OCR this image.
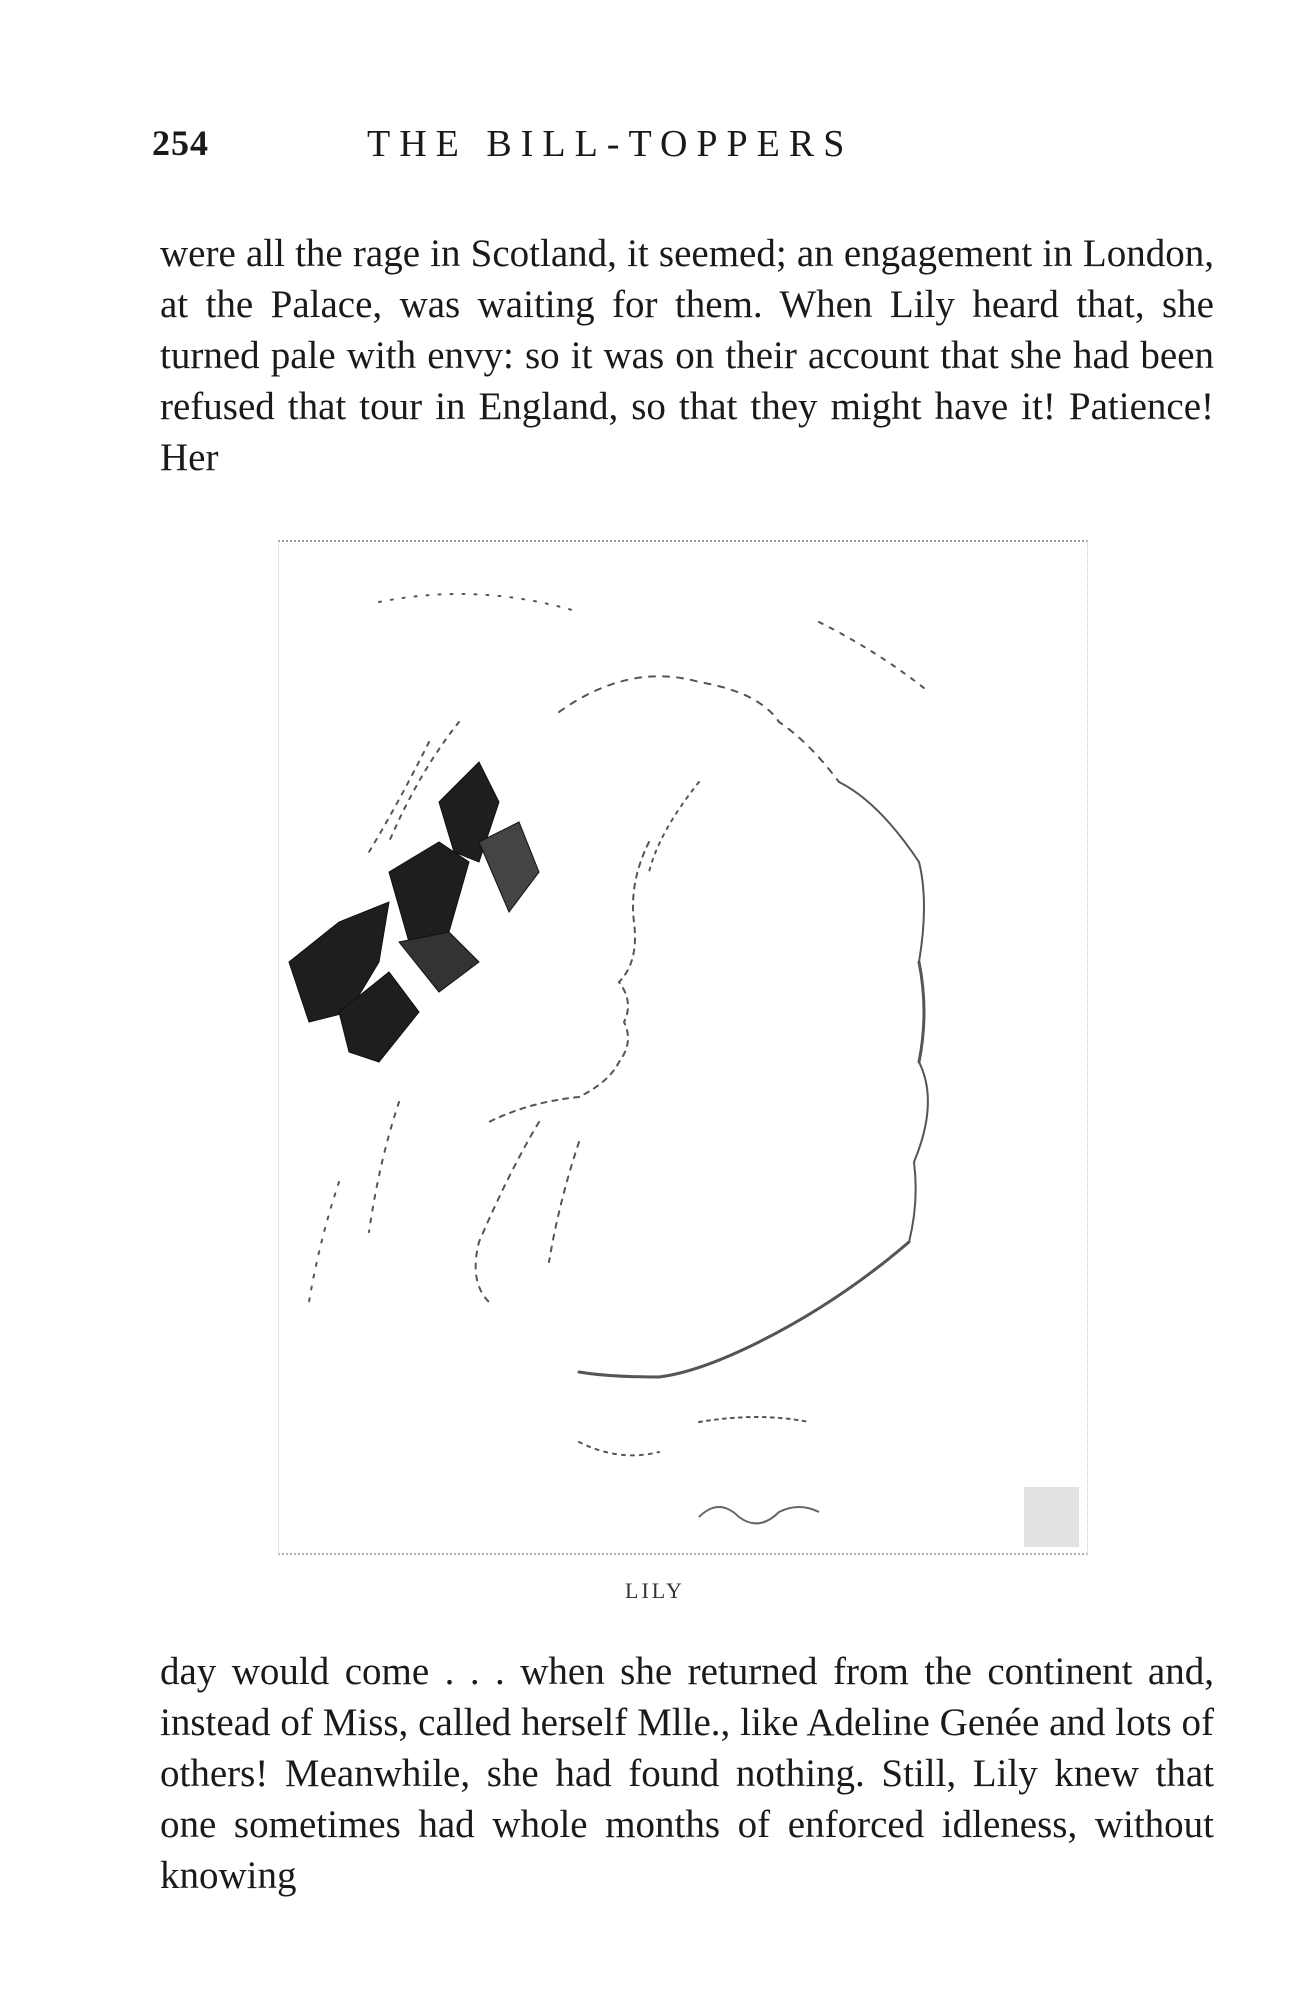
254	THE BILL-TOPPERS

were all the rage in Scotland, it seemed; an engagement in London, at the Palace, was waiting for them. When Lily heard that, she turned pale with envy: so it was on their account that she had been refused that tour in England, so that they might have it! Patience! Her

LILY

day would come . . . when she returned from the continent and, instead of Miss, called herself Mlle., like Adeline Genée and lots of others! Meanwhile, she had found nothing. Still, Lily knew that one sometimes had whole months of enforced idleness, without knowing
